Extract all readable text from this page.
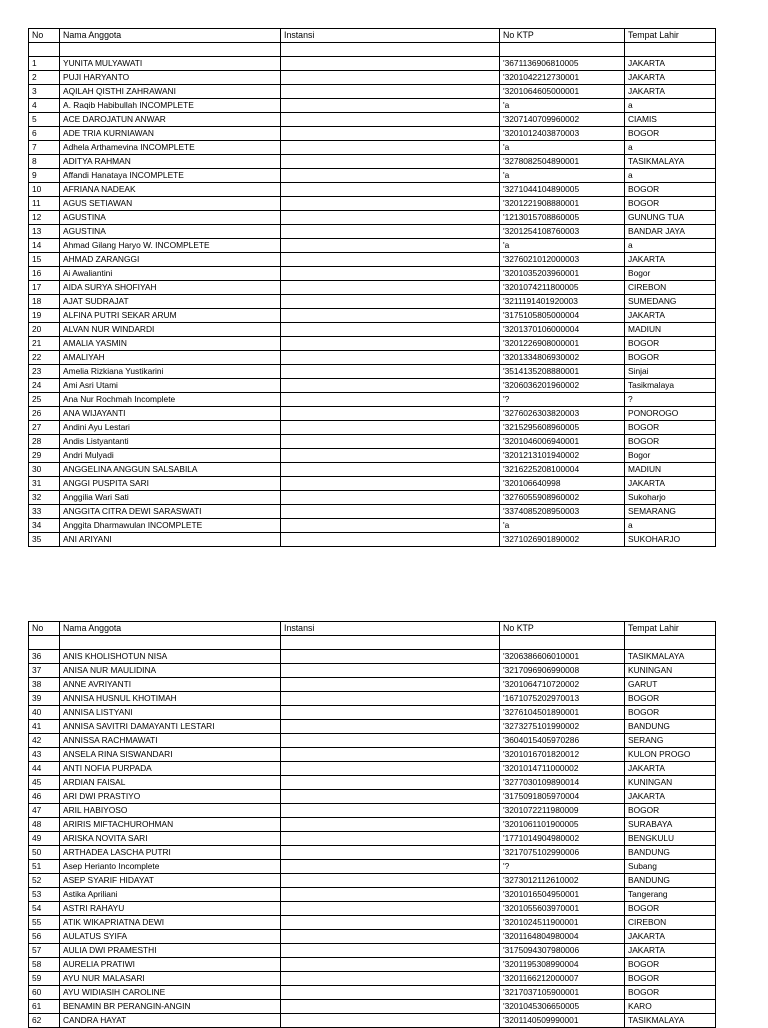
No	Nama Anggota	Instansi	No KTP	Tempat Lahir

1	YUNITA MULYAWATI		'3671136906810005	JAKARTA
2	PUJI HARYANTO		'3201042212730001	JAKARTA
3	AQILAH QISTHI ZAHRAWANI		'3201064605000001	JAKARTA
4	A. Raqib Habibullah INCOMPLETE		'a	a
5	ACE DAROJATUN ANWAR		'3207140709960002	CIAMIS
6	ADE TRIA KURNIAWAN		'3201012403870003	BOGOR
7	Adhela Arthamevina INCOMPLETE		'a	a
8	ADITYA RAHMAN		'3278082504890001	TASIKMALAYA
9	Affandi Hanataya INCOMPLETE		'a	a
10	AFRIANA NADEAK		'3271044104890005	BOGOR
11	AGUS SETIAWAN		'3201221908880001	BOGOR
12	AGUSTINA		'1213015708860005	GUNUNG TUA
13	AGUSTINA		'3201254108760003	BANDAR JAYA
14	Ahmad Gilang Haryo W. INCOMPLETE		'a	a
15	AHMAD ZARANGGI		'3276021012000003	JAKARTA
16	Ai Awaliantini		'3201035203960001	Bogor
17	AIDA SURYA SHOFIYAH		'3201074211800005	CIREBON
18	AJAT SUDRAJAT		'3211191401920003	SUMEDANG
19	ALFINA PUTRI SEKAR ARUM		'3175105805000004	JAKARTA
20	ALVAN NUR WINDARDI		'3201370106000004	MADIUN
21	AMALIA YASMIN		'3201226908000001	BOGOR
22	AMALIYAH		'3201334806930002	BOGOR
23	Amelia Rizkiana Yustikarini		'3514135208880001	Sinjai
24	Ami Asri Utami		'3206036201960002	Tasikmalaya
25	Ana Nur Rochmah Incomplete		'?	?
26	ANA WIJAYANTI		'3276026303820003	PONOROGO
27	Andini Ayu Lestari		'3215295608960005	BOGOR
28	Andis Listyantanti		'3201046006940001	BOGOR
29	Andri Mulyadi		'3201213101940002	Bogor
30	ANGGELINA ANGGUN SALSABILA		'3216225208100004	MADIUN
31	ANGGI PUSPITA SARI		'320106640998	JAKARTA
32	Anggilia Wari Sati		'3276055908960002	Sukoharjo
33	ANGGITA CITRA DEWI SARASWATI		'3374085208950003	SEMARANG
34	Anggita Dharmawulan INCOMPLETE		'a	a
35	ANI ARIYANI		'3271026901890002	SUKOHARJO
No	Nama Anggota	Instansi	No KTP	Tempat Lahir

36	ANIS KHOLISHOTUN NISA		'3206386606010001	TASIKMALAYA
37	ANISA NUR MAULIDINA		'3217096906990008	KUNINGAN
38	ANNE AVRIYANTI		'3201064710720002	GARUT
39	ANNISA HUSNUL KHOTIMAH		'1671075202970013	BOGOR
40	ANNISA LISTYANI		'3276104501890001	BOGOR
41	ANNISA SAVITRI DAMAYANTI LESTARI		'3273275101990002	BANDUNG
42	ANNISSA RACHMAWATI		'3604015405970286	SERANG
43	ANSELA RINA SISWANDARI		'3201016701820012	KULON PROGO
44	ANTI NOFIA PURPADA		'3201014711000002	JAKARTA
45	ARDIAN FAISAL		'3277030109890014	KUNINGAN
46	ARI DWI PRASTIYO		'3175091805970004	JAKARTA
47	ARIL HABIYOSO		'3201072211980009	BOGOR
48	ARIRIS MIFTACHUROHMAN		'3201061101900005	SURABAYA
49	ARISKA NOVITA SARI		'1771014904980002	BENGKULU
50	ARTHADEA LASCHA PUTRI		'3217075102990006	BANDUNG
51	Asep Herianto Incomplete		'?	Subang
52	ASEP SYARIF HIDAYAT		'3273012112610002	BANDUNG
53	Astika Apriliani		'3201016504950001	Tangerang
54	ASTRI RAHAYU		'3201055603970001	BOGOR
55	ATIK WIKAPRIATNA DEWI		'3201024511900001	CIREBON
56	AULATUS SYIFA		'3201164804980004	JAKARTA
57	AULIA DWI PRAMESTHI		'3175094307980006	JAKARTA
58	AURELIA PRATIWI		'3201195308990004	BOGOR
59	AYU NUR MALASARI		'3201166212000007	BOGOR
60	AYU WIDIASIH CAROLINE		'3217037105900001	BOGOR
61	BENAMIN BR PERANGIN-ANGIN		'3201045306650005	KARO
62	CANDRA HAYAT		'3201140509990001	TASIKMALAYA
